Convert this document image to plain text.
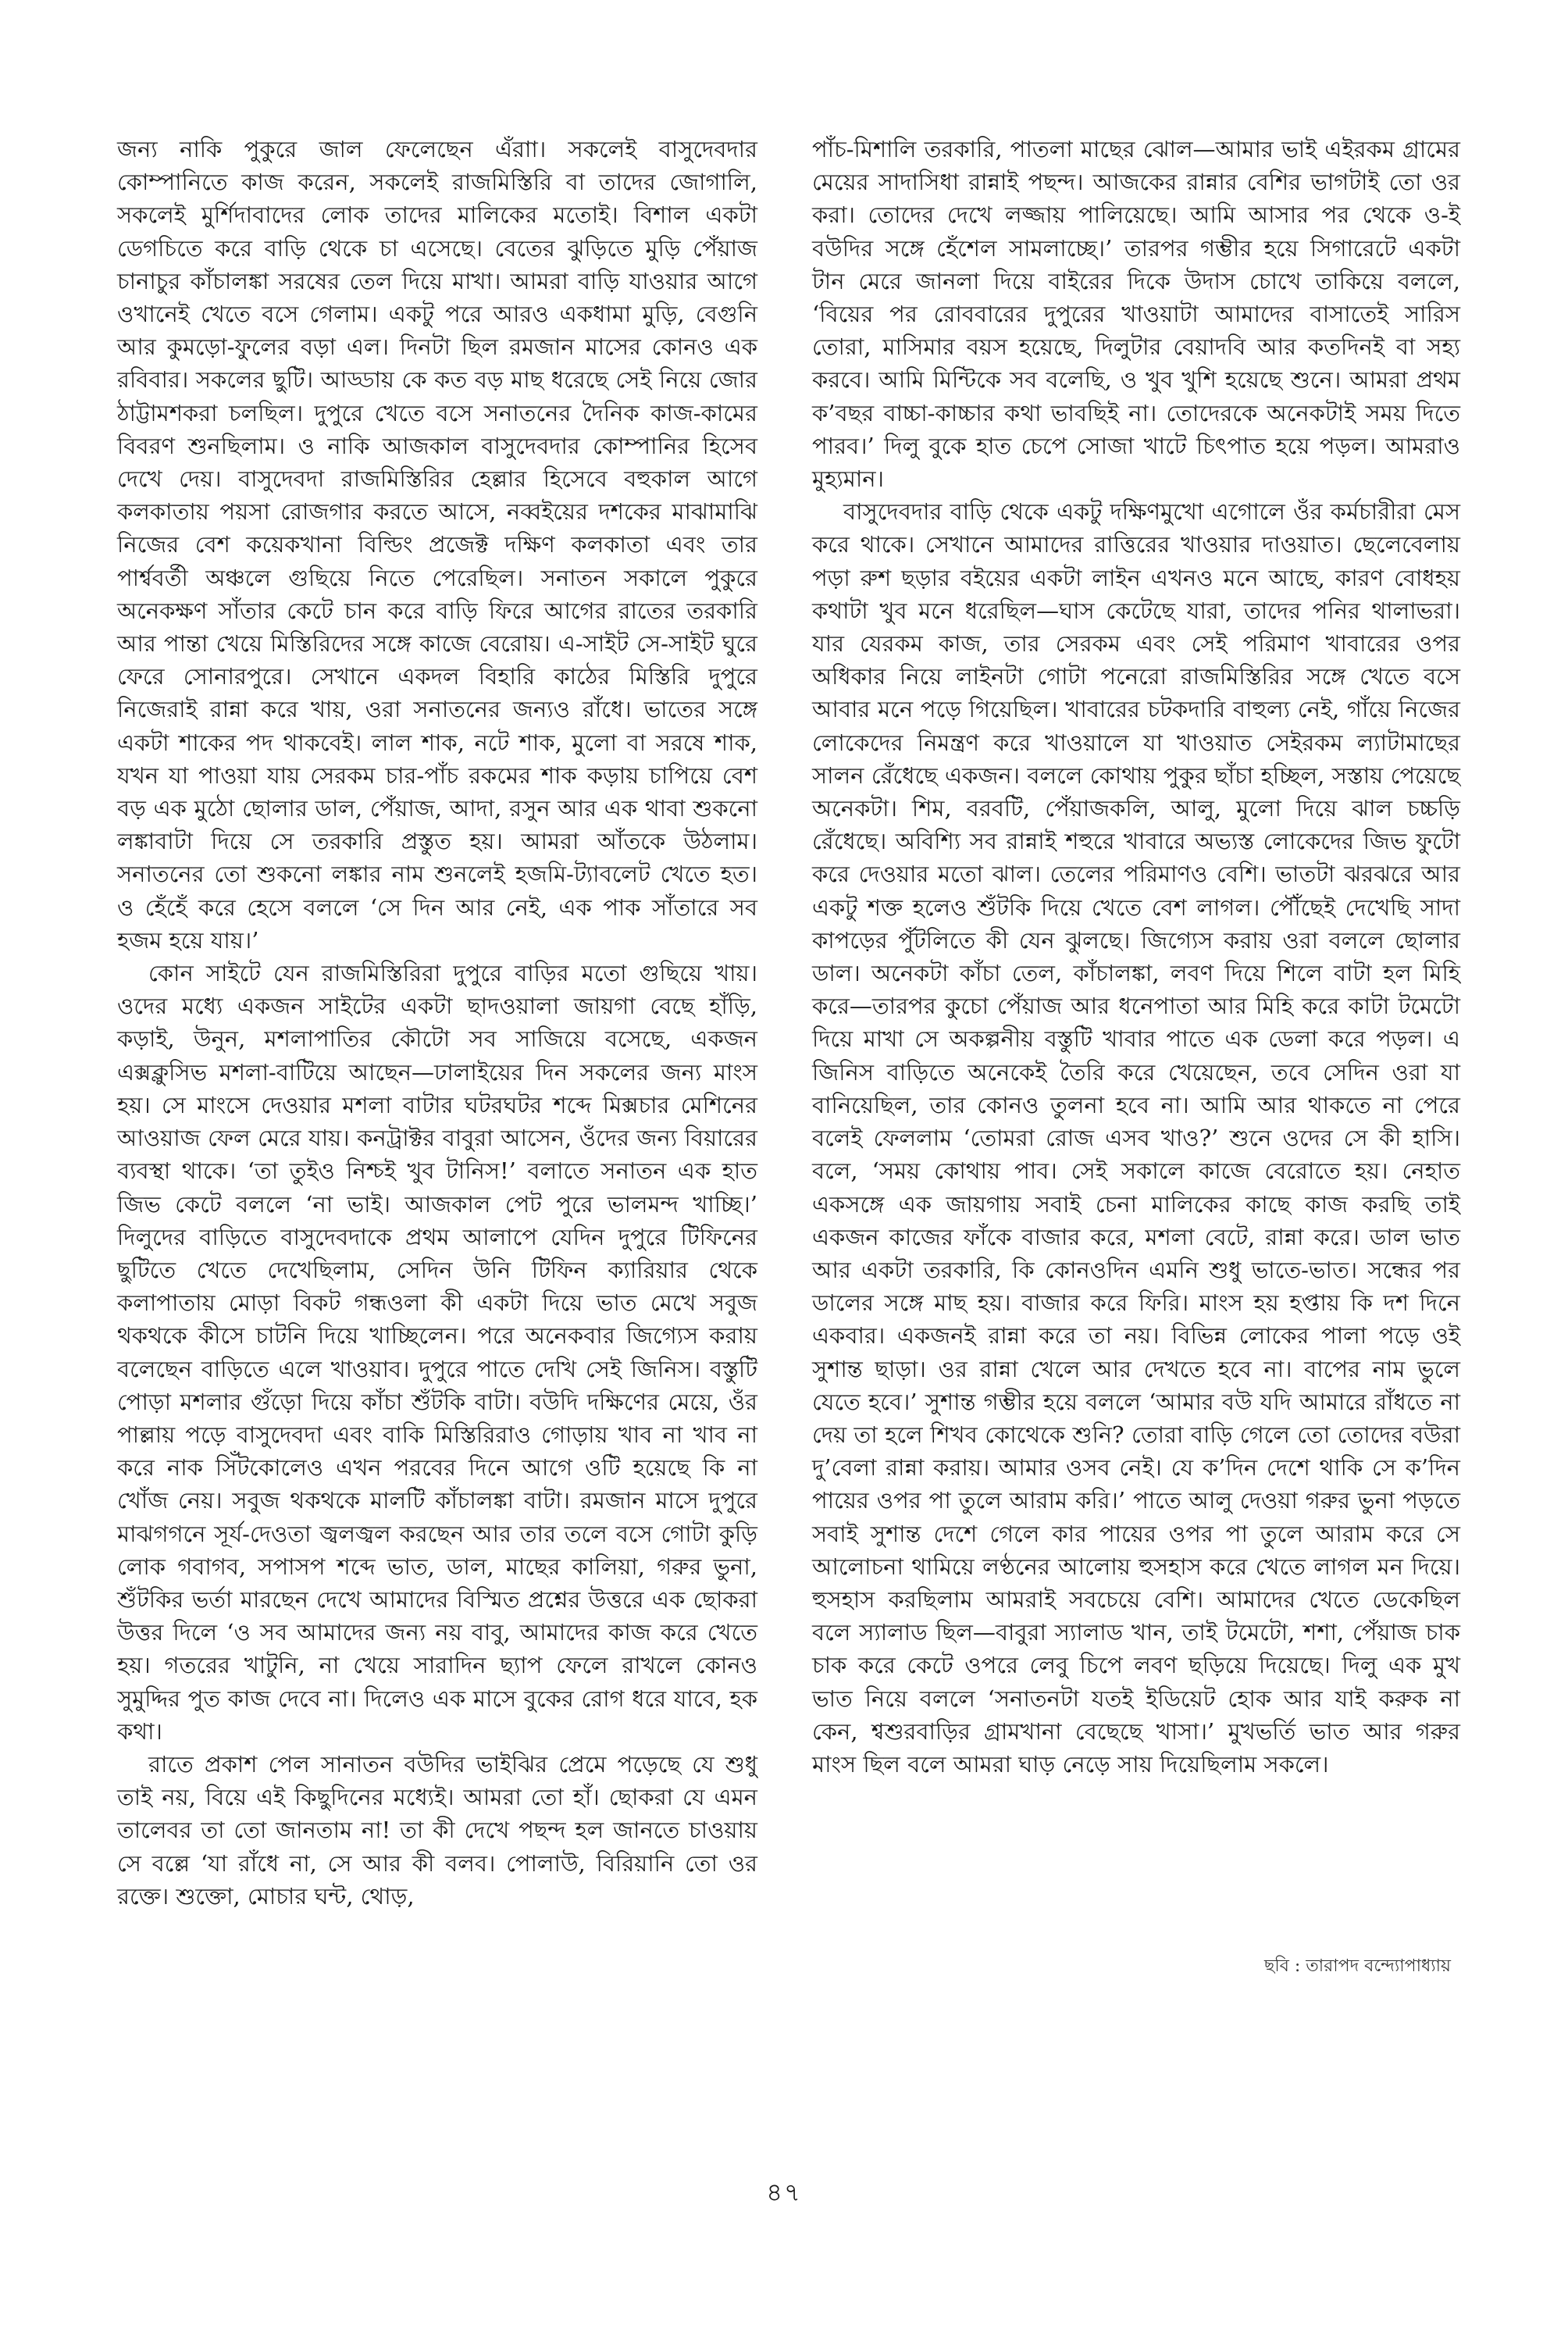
জন্য নাকি পুকুরে জাল ফেলেছেন এঁরাা। সকলেই বাসুদেবদার কোম্পানিতে কাজ করেন, সকলেই রাজমিস্তিরি বা তাদের জোগালি, সকলেই মুর্শিদাবাদের লোক তাদের মালিকের মতোই। বিশাল একটা ডেগচিতে করে বাড়ি থেকে চা এসেছে। বেতের ঝুড়িতে মুড়ি পেঁয়াজ চানাচুর কাঁচালঙ্কা সরষের তেল দিয়ে মাখা। আমরা বাড়ি যাওয়ার আগে ওখানেই খেতে বসে গেলাম। একটু পরে আরও একধামা মুড়ি, বেগুনি আর কুমড়ো-ফুলের বড়া এল। দিনটা ছিল রমজান মাসের কোনও এক রবিবার। সকলের ছুটি। আড্ডায় কে কত বড় মাছ ধরেছে সেই নিয়ে জোর ঠাট্টামশকরা চলছিল। দুপুরে খেতে বসে সনাতনের দৈনিক কাজ-কামের বিবরণ শুনছিলাম। ও নাকি আজকাল বাসুদেবদার কোম্পানির হিসেব দেখে দেয়। বাসুদেবদা রাজমিস্তিরির হেল্লার হিসেবে বহুকাল আগে কলকাতায় পয়সা রোজগার করতে আসে, নব্বইয়ের দশকের মাঝামাঝি নিজের বেশ কয়েকখানা বিল্ডিং প্রজেক্ট দক্ষিণ কলকাতা এবং তার পার্শ্ববর্তী অঞ্চলে গুছিয়ে নিতে পেরেছিল। সনাতন সকালে পুকুরে অনেকক্ষণ সাঁতার কেটে চান করে বাড়ি ফিরে আগের রাতের তরকারি আর পান্তা খেয়ে মিস্তিরিদের সঙ্গে কাজে বেরোয়। এ-সাইট সে-সাইট ঘুরে ফেরে সোনারপুরে। সেখানে একদল বিহারি কাঠের মিস্তিরি দুপুরে নিজেরাই রান্না করে খায়, ওরা সনাতনের জন্যও রাঁধে। ভাতের সঙ্গে একটা শাকের পদ থাকবেই। লাল শাক, নটে শাক, মুলো বা সরষে শাক, যখন যা পাওয়া যায় সেরকম চার-পাঁচ রকমের শাক কড়ায় চাপিয়ে বেশ বড় এক মুঠো ছোলার ডাল, পেঁয়াজ, আদা, রসুন আর এক থাবা শুকনো লঙ্কাবাটা দিয়ে সে তরকারি প্রস্তুত হয়। আমরা আঁতকে উঠলাম। সনাতনের তো শুকনো লঙ্কার নাম শুনলেই হজমি-ট্যাবলেট খেতে হত। ও হেঁহেঁ করে হেসে বললে ‘সে দিন আর নেই, এক পাক সাঁতারে সব হজম হয়ে যায়।’

কোন সাইটে যেন রাজমিস্তিরিরা দুপুরে বাড়ির মতো গুছিয়ে খায়। ওদের মধ্যে একজন সাইটের একটা ছাদওয়ালা জায়গা বেছে হাঁড়ি, কড়াই, উনুন, মশলাপাতির কৌটো সব সাজিয়ে বসেছে, একজন এক্সক্লুসিভ মশলা-বাটিয়ে আছেন—ঢালাইয়ের দিন সকলের জন্য মাংস হয়। সে মাংসে দেওয়ার মশলা বাটার ঘটরঘটর শব্দে মিক্সচার মেশিনের আওয়াজ ফেল মেরে যায়। কনট্রাক্টর বাবুরা আসেন, ওঁদের জন্য বিয়ারের ব্যবস্থা থাকে। ‘তা তুইও নিশ্চই খুব টানিস!’ বলাতে সনাতন এক হাত জিভ কেটে বললে ‘না ভাই। আজকাল পেট পুরে ভালমন্দ খাচ্ছি।’ দিলুদের বাড়িতে বাসুদেবদাকে প্রথম আলাপে যেদিন দুপুরে টিফিনের ছুটিতে খেতে দেখেছিলাম, সেদিন উনি টিফিন ক্যারিয়ার থেকে কলাপাতায় মোড়া বিকট গন্ধওলা কী একটা দিয়ে ভাত মেখে সবুজ থকথকে কীসে চাটনি দিয়ে খাচ্ছিলেন। পরে অনেকবার জিগ্যেস করায় বলেছেন বাড়িতে এলে খাওয়াব। দুপুরে পাতে দেখি সেই জিনিস। বস্তুটি পোড়া মশলার গুঁড়ো দিয়ে কাঁচা শুঁটকি বাটা। বউদি দক্ষিণের মেয়ে, ওঁর পাল্লায় পড়ে বাসুদেবদা এবং বাকি মিস্তিরিরাও গোড়ায় খাব না খাব না করে নাক সিঁটকোলেও এখন পরবের দিনে আগে ওটি হয়েছে কি না খোঁজ নেয়। সবুজ থকথকে মালটি কাঁচালঙ্কা বাটা। রমজান মাসে দুপুরে মাঝগগনে সূর্য-দেওতা জ্বলজ্বল করছেন আর তার তলে বসে গোটা কুড়ি লোক গবাগব, সপাসপ শব্দে ভাত, ডাল, মাছের কালিয়া, গরুর ভুনা, শুঁটকির ভর্তা মারছেন দেখে আমাদের বিস্মিত প্রশ্নের উত্তরে এক ছোকরা উত্তর দিলে ‘ও সব আমাদের জন্য নয় বাবু, আমাদের কাজ করে খেতে হয়। গতরের খাটুনি, না খেয়ে সারাদিন ছ্যাপ ফেলে রাখলে কোনও সুমুদ্দির পুত কাজ দেবে না। দিলেও এক মাসে বুকের রোগ ধরে যাবে, হক কথা।

রাতে প্রকাশ পেল সানাতন বউদির ভাইঝির প্রেমে পড়েছে যে শুধু তাই নয়, বিয়ে এই কিছুদিনের মধ্যেই। আমরা তো হাঁ। ছোকরা যে এমন তালেবর তা তো জানতাম না! তা কী দেখে পছন্দ হল জানতে চাওয়ায় সে বল্লে ‘যা রাঁধে না, সে আর কী বলব। পোলাউ, বিরিয়ানি তো ওর রক্তে। শুক্তো, মোচার ঘন্ট, থোড়,

পাঁচ-মিশালি তরকারি, পাতলা মাছের ঝোল—আমার ভাই এইরকম গ্রামের মেয়ের সাদাসিধা রান্নাই পছন্দ। আজকের রান্নার বেশির ভাগটাই তো ওর করা। তোদের দেখে লজ্জায় পালিয়েছে। আমি আসার পর থেকে ও-ই বউদির সঙ্গে হেঁশেল সামলাচ্ছে।’ তারপর গম্ভীর হয়ে সিগারেটে একটা টান মেরে জানলা দিয়ে বাইরের দিকে উদাস চোখে তাকিয়ে বললে, ‘বিয়ের পর রোববারের দুপুরের খাওয়াটা আমাদের বাসাতেই সারিস তোরা, মাসিমার বয়স হয়েছে, দিলুটার বেয়াদবি আর কতদিনই বা সহ্য করবে। আমি মিন্টিকে সব বলেছি, ও খুব খুশি হয়েছে শুনে। আমরা প্রথম ক’বছর বাচ্চা-কাচ্চার কথা ভাবছিই না। তোদেরকে অনেকটাই সময় দিতে পারব।’ দিলু বুকে হাত চেপে সোজা খাটে চিৎপাত হয়ে পড়ল। আমরাও মুহ্যমান।

বাসুদেবদার বাড়ি থেকে একটু দক্ষিণমুখো এগোলে ওঁর কর্মচারীরা মেস করে থাকে। সেখানে আমাদের রাত্তিরের খাওয়ার দাওয়াত। ছেলেবেলায় পড়া রুশ ছড়ার বইয়ের একটা লাইন এখনও মনে আছে, কারণ বোধহয় কথাটা খুব মনে ধরেছিল—ঘাস কেটেছে যারা, তাদের পনির থালাভরা। যার যেরকম কাজ, তার সেরকম এবং সেই পরিমাণ খাবারের ওপর অধিকার নিয়ে লাইনটা গোটা পনেরো রাজমিস্তিরির সঙ্গে খেতে বসে আবার মনে পড়ে গিয়েছিল। খাবারের চটকদারি বাহুল্য নেই, গাঁয়ে নিজের লোকেদের নিমন্ত্রণ করে খাওয়ালে যা খাওয়াত সেইরকম ল্যাটামাছের সালন রেঁধেছে একজন। বললে কোথায় পুকুর ছাঁচা হচ্ছিল, সস্তায় পেয়েছে অনেকটা। শিম, বরবটি, পেঁয়াজকলি, আলু, মুলো দিয়ে ঝাল চচ্চড়ি রেঁধেছে। অবিশ্যি সব রান্নাই শহুরে খাবারে অভ্যস্ত লোকেদের জিভ ফুটো করে দেওয়ার মতো ঝাল। তেলের পরিমাণও বেশি। ভাতটা ঝরঝরে আর একটু শক্ত হলেও শুঁটকি দিয়ে খেতে বেশ লাগল। পৌঁছেই দেখেছি সাদা কাপড়ের পুঁটলিতে কী যেন ঝুলছে। জিগ্যেস করায় ওরা বললে ছোলার ডাল। অনেকটা কাঁচা তেল, কাঁচালঙ্কা, লবণ দিয়ে শিলে বাটা হল মিহি করে—তারপর কুচো পেঁয়াজ আর ধনেপাতা আর মিহি করে কাটা টমেটো দিয়ে মাখা সে অকল্পনীয় বস্তুটি খাবার পাতে এক ডেলা করে পড়ল। এ জিনিস বাড়িতে অনেকেই তৈরি করে খেয়েছেন, তবে সেদিন ওরা যা বানিয়েছিল, তার কোনও তুলনা হবে না। আমি আর থাকতে না পেরে বলেই ফেললাম ‘তোমরা রোজ এসব খাও?’ শুনে ওদের সে কী হাসি। বলে, ‘সময় কোথায় পাব। সেই সকালে কাজে বেরোতে হয়। নেহাত একসঙ্গে এক জায়গায় সবাই চেনা মালিকের কাছে কাজ করছি তাই একজন কাজের ফাঁকে বাজার করে, মশলা বেটে, রান্না করে। ডাল ভাত আর একটা তরকারি, কি কোনওদিন এমনি শুধু ভাতে-ভাত। সন্ধের পর ডালের সঙ্গে মাছ হয়। বাজার করে ফিরি। মাংস হয় হপ্তায় কি দশ দিনে একবার। একজনই রান্না করে তা নয়। বিভিন্ন লোকের পালা পড়ে ওই সুশান্ত ছাড়া। ওর রান্না খেলে আর দেখতে হবে না। বাপের নাম ভুলে যেতে হবে।’ সুশান্ত গম্ভীর হয়ে বললে ‘আমার বউ যদি আমারে রাঁধতে না দেয় তা হলে শিখব কোথেকে শুনি? তোরা বাড়ি গেলে তো তোদের বউরা দু’বেলা রান্না করায়। আমার ওসব নেই। যে ক’দিন দেশে থাকি সে ক’দিন পায়ের ওপর পা তুলে আরাম করি।’ পাতে আলু দেওয়া গরুর ভুনা পড়তে সবাই সুশান্ত দেশে গেলে কার পায়ের ওপর পা তুলে আরাম করে সে আলোচনা থামিয়ে লণ্ঠনের আলোয় হুসহাস করে খেতে লাগল মন দিয়ে। হুসহাস করছিলাম আমরাই সবচেয়ে বেশি। আমাদের খেতে ডেকেছিল বলে স্যালাড ছিল—বাবুরা স্যালাড খান, তাই টমেটো, শশা, পেঁয়াজ চাক চাক করে কেটে ওপরে লেবু চিপে লবণ ছড়িয়ে দিয়েছে। দিলু এক মুখ ভাত নিয়ে বললে ‘সনাতনটা যতই ইডিয়েট হোক আর যাই করুক না কেন, শ্বশুরবাড়ির গ্রামখানা বেছেছে খাসা।’ মুখভর্তি ভাত আর গরুর মাংস ছিল বলে আমরা ঘাড় নেড়ে সায় দিয়েছিলাম সকলে।

ছবি : তারাপদ বন্দ্যোপাধ্যায়
৪৭
